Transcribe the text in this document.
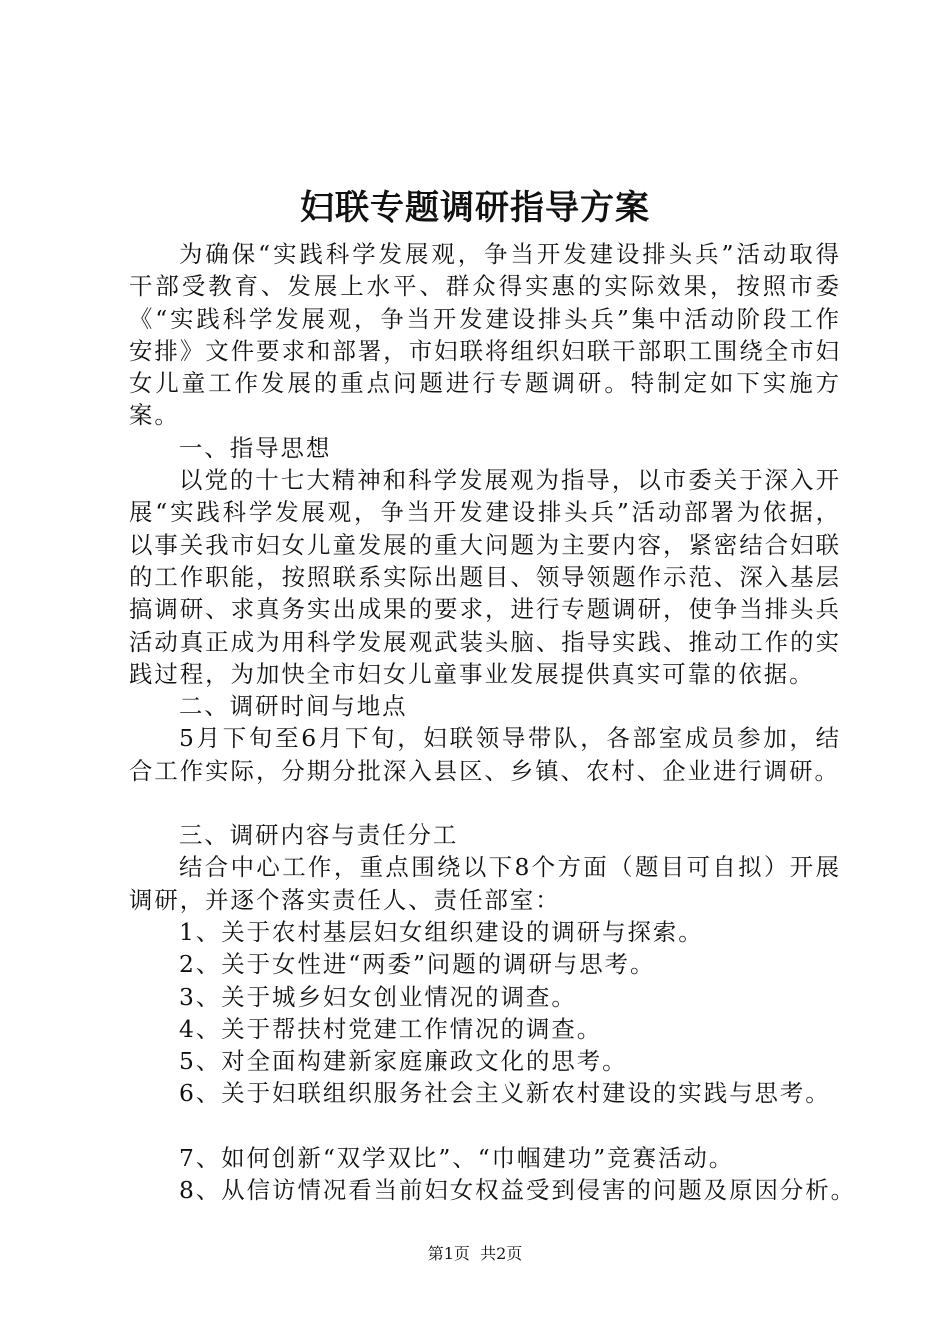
妇联专题调研指导方案

为确保“实践科学发展观，争当开发建设排头兵”活动取得干部受教育、发展上水平、群众得实惠的实际效果，按照市委《“实践科学发展观，争当开发建设排头兵”集中活动阶段工作安排》文件要求和部署，市妇联将组织妇联干部职工围绕全市妇女儿童工作发展的重点问题进行专题调研。特制定如下实施方案。

一、指导思想

以党的十七大精神和科学发展观为指导，以市委关于深入开展“实践科学发展观，争当开发建设排头兵”活动部署为依据，以事关我市妇女儿童发展的重大问题为主要内容，紧密结合妇联的工作职能，按照联系实际出题目、领导领题作示范、深入基层搞调研、求真务实出成果的要求，进行专题调研，使争当排头兵活动真正成为用科学发展观武装头脑、指导实践、推动工作的实践过程，为加快全市妇女儿童事业发展提供真实可靠的依据。

二、调研时间与地点

5月下旬至6月下旬，妇联领导带队，各部室成员参加，结合工作实际，分期分批深入县区、乡镇、农村、企业进行调研。

三、调研内容与责任分工

结合中心工作，重点围绕以下8个方面（题目可自拟）开展调研，并逐个落实责任人、责任部室：

1、关于农村基层妇女组织建设的调研与探索。

2、关于女性进“两委”问题的调研与思考。

3、关于城乡妇女创业情况的调查。

4、关于帮扶村党建工作情况的调查。

5、对全面构建新家庭廉政文化的思考。

6、关于妇联组织服务社会主义新农村建设的实践与思考。

7、如何创新“双学双比”、“巾帼建功”竞赛活动。

8、从信访情况看当前妇女权益受到侵害的问题及原因分析。

第1页  共2页
